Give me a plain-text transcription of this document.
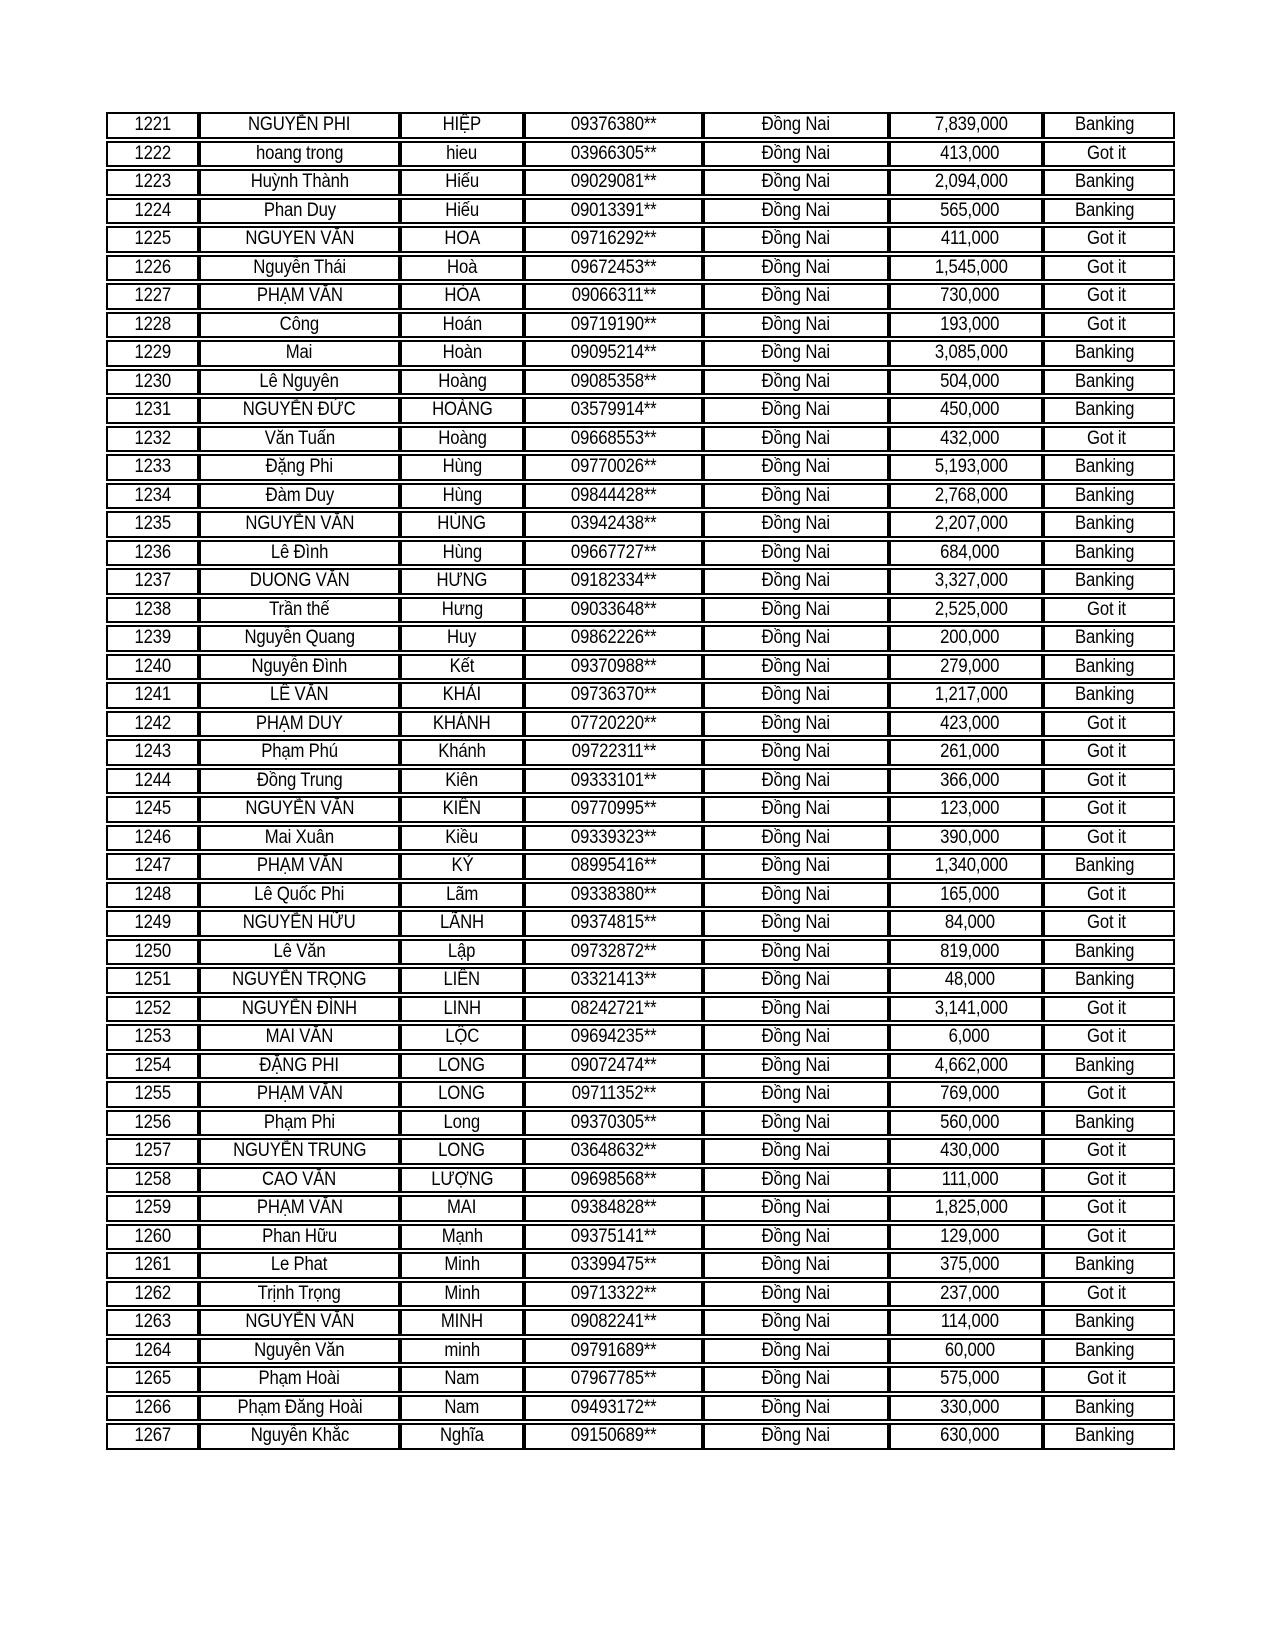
1221	NGUYỄN PHI	HIỆP	09376380**	Đồng Nai	7,839,000	Banking
1222	hoang trong	hieu	03966305**	Đồng Nai	413,000	Got it
1223	Huỳnh Thành	Hiếu	09029081**	Đồng Nai	2,094,000	Banking
1224	Phan Duy	Hiếu	09013391**	Đồng Nai	565,000	Banking
1225	NGUYEN VĂN	HOA	09716292**	Đồng Nai	411,000	Got it
1226	Nguyễn Thái	Hoà	09672453**	Đồng Nai	1,545,000	Got it
1227	PHẠM VĂN	HÒA	09066311**	Đồng Nai	730,000	Got it
1228	Công	Hoán	09719190**	Đồng Nai	193,000	Got it
1229	Mai	Hoàn	09095214**	Đồng Nai	3,085,000	Banking
1230	Lê Nguyên	Hoàng	09085358**	Đồng Nai	504,000	Banking
1231	NGUYỄN ĐỨC	HOÀNG	03579914**	Đồng Nai	450,000	Banking
1232	Văn Tuấn	Hoàng	09668553**	Đồng Nai	432,000	Got it
1233	Đặng Phi	Hùng	09770026**	Đồng Nai	5,193,000	Banking
1234	Đàm Duy	Hùng	09844428**	Đồng Nai	2,768,000	Banking
1235	NGUYỄN VĂN	HÙNG	03942438**	Đồng Nai	2,207,000	Banking
1236	Lê Đình	Hùng	09667727**	Đồng Nai	684,000	Banking
1237	DUONG VĂN	HƯNG	09182334**	Đồng Nai	3,327,000	Banking
1238	Trần thế	Hưng	09033648**	Đồng Nai	2,525,000	Got it
1239	Nguyễn Quang	Huy	09862226**	Đồng Nai	200,000	Banking
1240	Nguyễn Đình	Kết	09370988**	Đồng Nai	279,000	Banking
1241	LÊ VĂN	KHẢI	09736370**	Đồng Nai	1,217,000	Banking
1242	PHẠM DUY	KHÁNH	07720220**	Đồng Nai	423,000	Got it
1243	Phạm Phú	Khánh	09722311**	Đồng Nai	261,000	Got it
1244	Đồng Trung	Kiên	09333101**	Đồng Nai	366,000	Got it
1245	NGUYỄN VĂN	KIÊN	09770995**	Đồng Nai	123,000	Got it
1246	Mai Xuân	Kiều	09339323**	Đồng Nai	390,000	Got it
1247	PHẠM VĂN	KỶ	08995416**	Đồng Nai	1,340,000	Banking
1248	Lê Quốc Phi	Lãm	09338380**	Đồng Nai	165,000	Got it
1249	NGUYỄN HỮU	LÃNH	09374815**	Đồng Nai	84,000	Got it
1250	Lê Văn	Lập	09732872**	Đồng Nai	819,000	Banking
1251	NGUYỄN TRỌNG	LIÊN	03321413**	Đồng Nai	48,000	Banking
1252	NGUYỄN ĐÌNH	LINH	08242721**	Đồng Nai	3,141,000	Got it
1253	MAI VĂN	LỘC	09694235**	Đồng Nai	6,000	Got it
1254	ĐẶNG PHI	LONG	09072474**	Đồng Nai	4,662,000	Banking
1255	PHẠM VĂN	LONG	09711352**	Đồng Nai	769,000	Got it
1256	Phạm Phi	Long	09370305**	Đồng Nai	560,000	Banking
1257	NGUYỄN TRUNG	LONG	03648632**	Đồng Nai	430,000	Got it
1258	CAO VĂN	LƯỢNG	09698568**	Đồng Nai	111,000	Got it
1259	PHẠM VĂN	MAI	09384828**	Đồng Nai	1,825,000	Got it
1260	Phan Hữu	Mạnh	09375141**	Đồng Nai	129,000	Got it
1261	Le Phat	Minh	03399475**	Đồng Nai	375,000	Banking
1262	Trịnh Trọng	Minh	09713322**	Đồng Nai	237,000	Got it
1263	NGUYỄN VĂN	MINH	09082241**	Đồng Nai	114,000	Banking
1264	Nguyễn Văn	minh	09791689**	Đồng Nai	60,000	Banking
1265	Phạm Hoài	Nam	07967785**	Đồng Nai	575,000	Got it
1266	Phạm Đăng Hoài	Nam	09493172**	Đồng Nai	330,000	Banking
1267	Nguyễn Khắc	Nghĩa	09150689**	Đồng Nai	630,000	Banking
